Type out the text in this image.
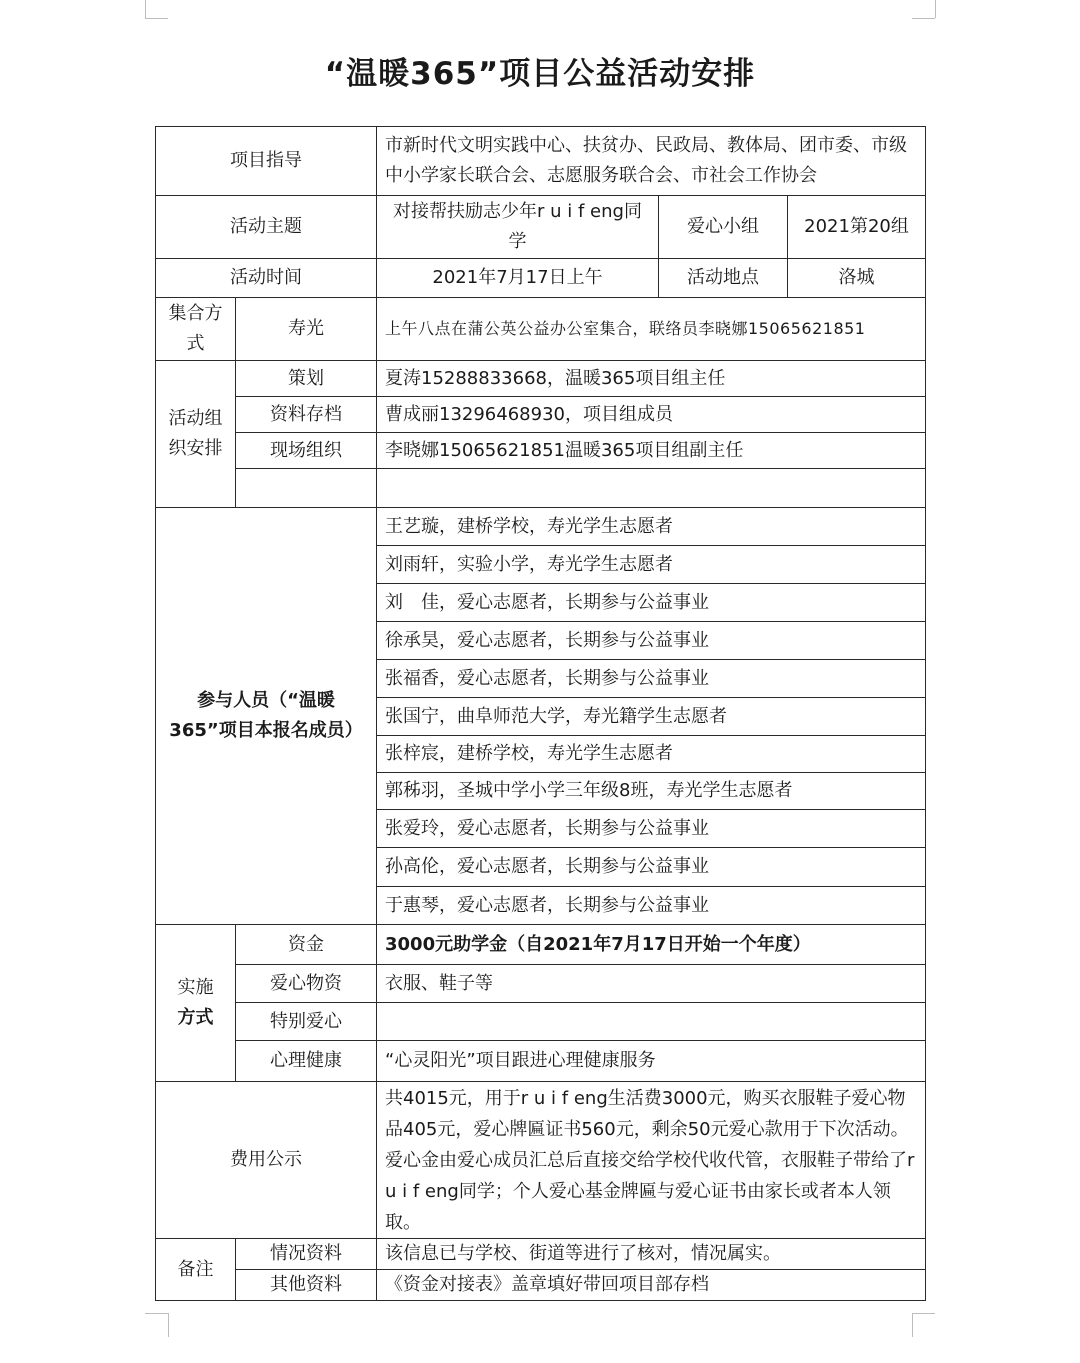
“温暖365”项目公益活动安排
项目指导		市新时代文明实践中心、扶贫办、民政局、教体局、团市委、市级中小学家长联合会、志愿服务联合会、市社会工作协会		
活动主题		对接帮扶励志少年r u i f eng同学	爱心小组	2021第20组
活动时间		2021年7月17日上午	活动地点	洛城
集合方式	寿光	上午八点在蒲公英公益办公室集合，联络员李晓娜15065621851		
活动组织安排	策划	夏涛15288833668，温暖365项目组主任		
	资料存档	曹成丽13296468930，项目组成员		
	现场组织	李晓娜15065621851温暖365项目组副主任		

参与人员（“温暖365”项目本报名成员）		王艺璇，建桥学校，寿光学生志愿者		
		刘雨轩，实验小学，寿光学生志愿者		
		刘　佳，爱心志愿者，长期参与公益事业		
		徐承昊，爱心志愿者，长期参与公益事业		
		张福香，爱心志愿者，长期参与公益事业		
		张国宁，曲阜师范大学，寿光籍学生志愿者		
		张梓宸，建桥学校，寿光学生志愿者		
		郭秭羽，圣城中学小学三年级8班，寿光学生志愿者		
		张爱玲，爱心志愿者，长期参与公益事业		
		孙高伦，爱心志愿者，长期参与公益事业		
		于惠琴，爱心志愿者，长期参与公益事业		

实施
方式	资金	3000元助学金（自2021年7月17日开始一个年度）		
	爱心物资	衣服、鞋子等		
	特别爱心			
	心理健康	“心灵阳光”项目跟进心理健康服务		
费用公示		共4015元，用于r u i f eng生活费3000元，购买衣服鞋子爱心物品405元，爱心牌匾证书560元，剩余50元爱心款用于下次活动。爱心金由爱心成员汇总后直接交给学校代收代管，衣服鞋子带给了r u i f eng同学；个人爱心基金牌匾与爱心证书由家长或者本人领取。		
备注	情况资料	该信息已与学校、街道等进行了核对，情况属实。		
	其他资料	《资金对接表》盖章填好带回项目部存档		
